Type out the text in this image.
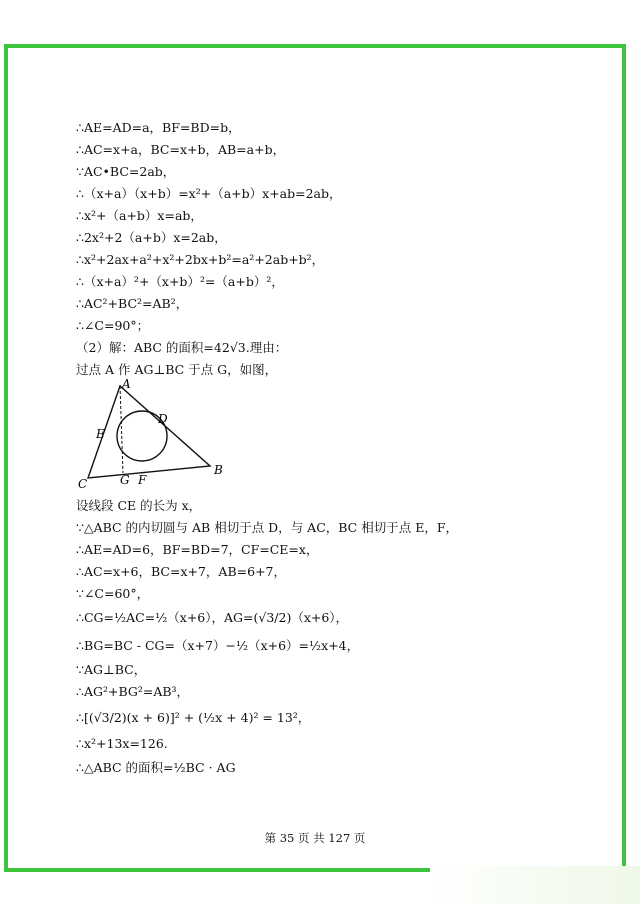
∴AE=AD=a，BF=BD=b，
∴AC=x+a，BC=x+b，AB=a+b，
∵AC•BC=2ab，
∴（x+a）（x+b）=x²+（a+b）x+ab=2ab，
∴x²+（a+b）x=ab，
∴2x²+2（a+b）x=2ab，
∴x²+2ax+a²+x²+2bx+b²=a²+2ab+b²，
∴（x+a）²+（x+b）²=（a+b）²，
∴AC²+BC²=AB²，
∴∠C=90°；
（2）解：ABC 的面积=42√3.理由：
过点 A 作 AG⊥BC 于点 G，如图，
A
B
C
D
E
F
G
设线段 CE 的长为 x，
∵△ABC 的内切圆与 AB 相切于点 D，与 AC，BC 相切于点 E，F，
∴AE=AD=6，BF=BD=7，CF=CE=x，
∴AC=x+6，BC=x+7，AB=6+7，
∵∠C=60°，
∴CG=½AC=½（x+6），AG=(√3/2)（x+6），
∴BG=BC - CG=（x+7）−½（x+6）=½x+4，
∵AG⊥BC，
∴AG²+BG²=AB³，
∴[(√3/2)(x + 6)]² + (½x + 4)² = 13²，
∴x²+13x=126.
∴△ABC 的面积=½BC · AG
第 35 页 共 127 页
